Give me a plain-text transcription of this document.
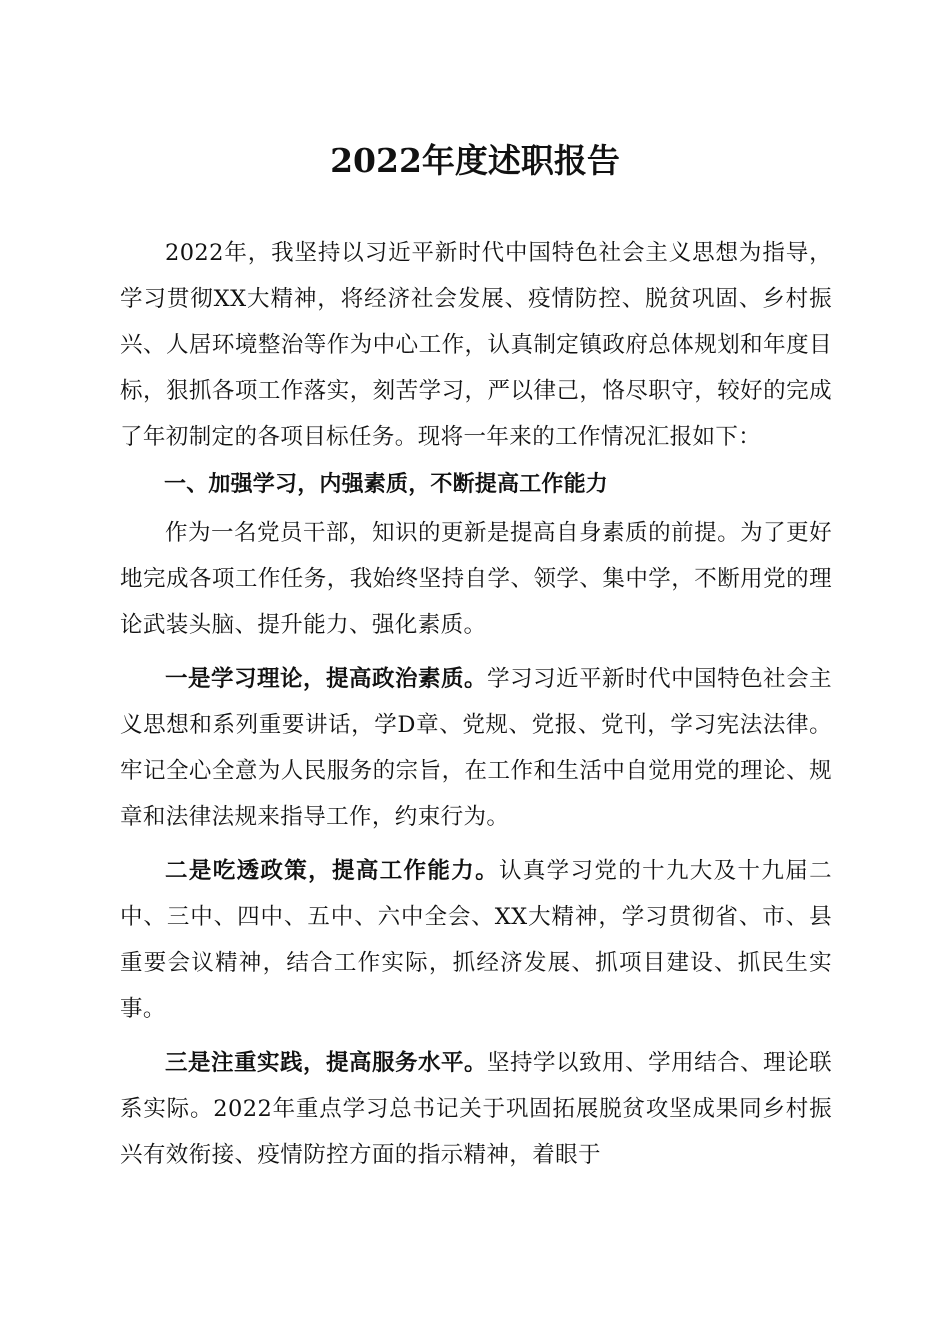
2022年度述职报告

2022年，我坚持以习近平新时代中国特色社会主义思想为指导，学习贯彻XX大精神，将经济社会发展、疫情防控、脱贫巩固、乡村振兴、人居环境整治等作为中心工作，认真制定镇政府总体规划和年度目标，狠抓各项工作落实，刻苦学习，严以律己，恪尽职守，较好的完成了年初制定的各项目标任务。现将一年来的工作情况汇报如下：

一、加强学习，内强素质，不断提高工作能力

作为一名党员干部，知识的更新是提高自身素质的前提。为了更好地完成各项工作任务，我始终坚持自学、领学、集中学，不断用党的理论武装头脑、提升能力、强化素质。

一是学习理论，提高政治素质。学习习近平新时代中国特色社会主义思想和系列重要讲话，学D章、党规、党报、党刊，学习宪法法律。牢记全心全意为人民服务的宗旨，在工作和生活中自觉用党的理论、规章和法律法规来指导工作，约束行为。

二是吃透政策，提高工作能力。认真学习党的十九大及十九届二中、三中、四中、五中、六中全会、XX大精神，学习贯彻省、市、县重要会议精神，结合工作实际，抓经济发展、抓项目建设、抓民生实事。

三是注重实践，提高服务水平。坚持学以致用、学用结合、理论联系实际。2022年重点学习总书记关于巩固拓展脱贫攻坚成果同乡村振兴有效衔接、疫情防控方面的指示精神，着眼于
